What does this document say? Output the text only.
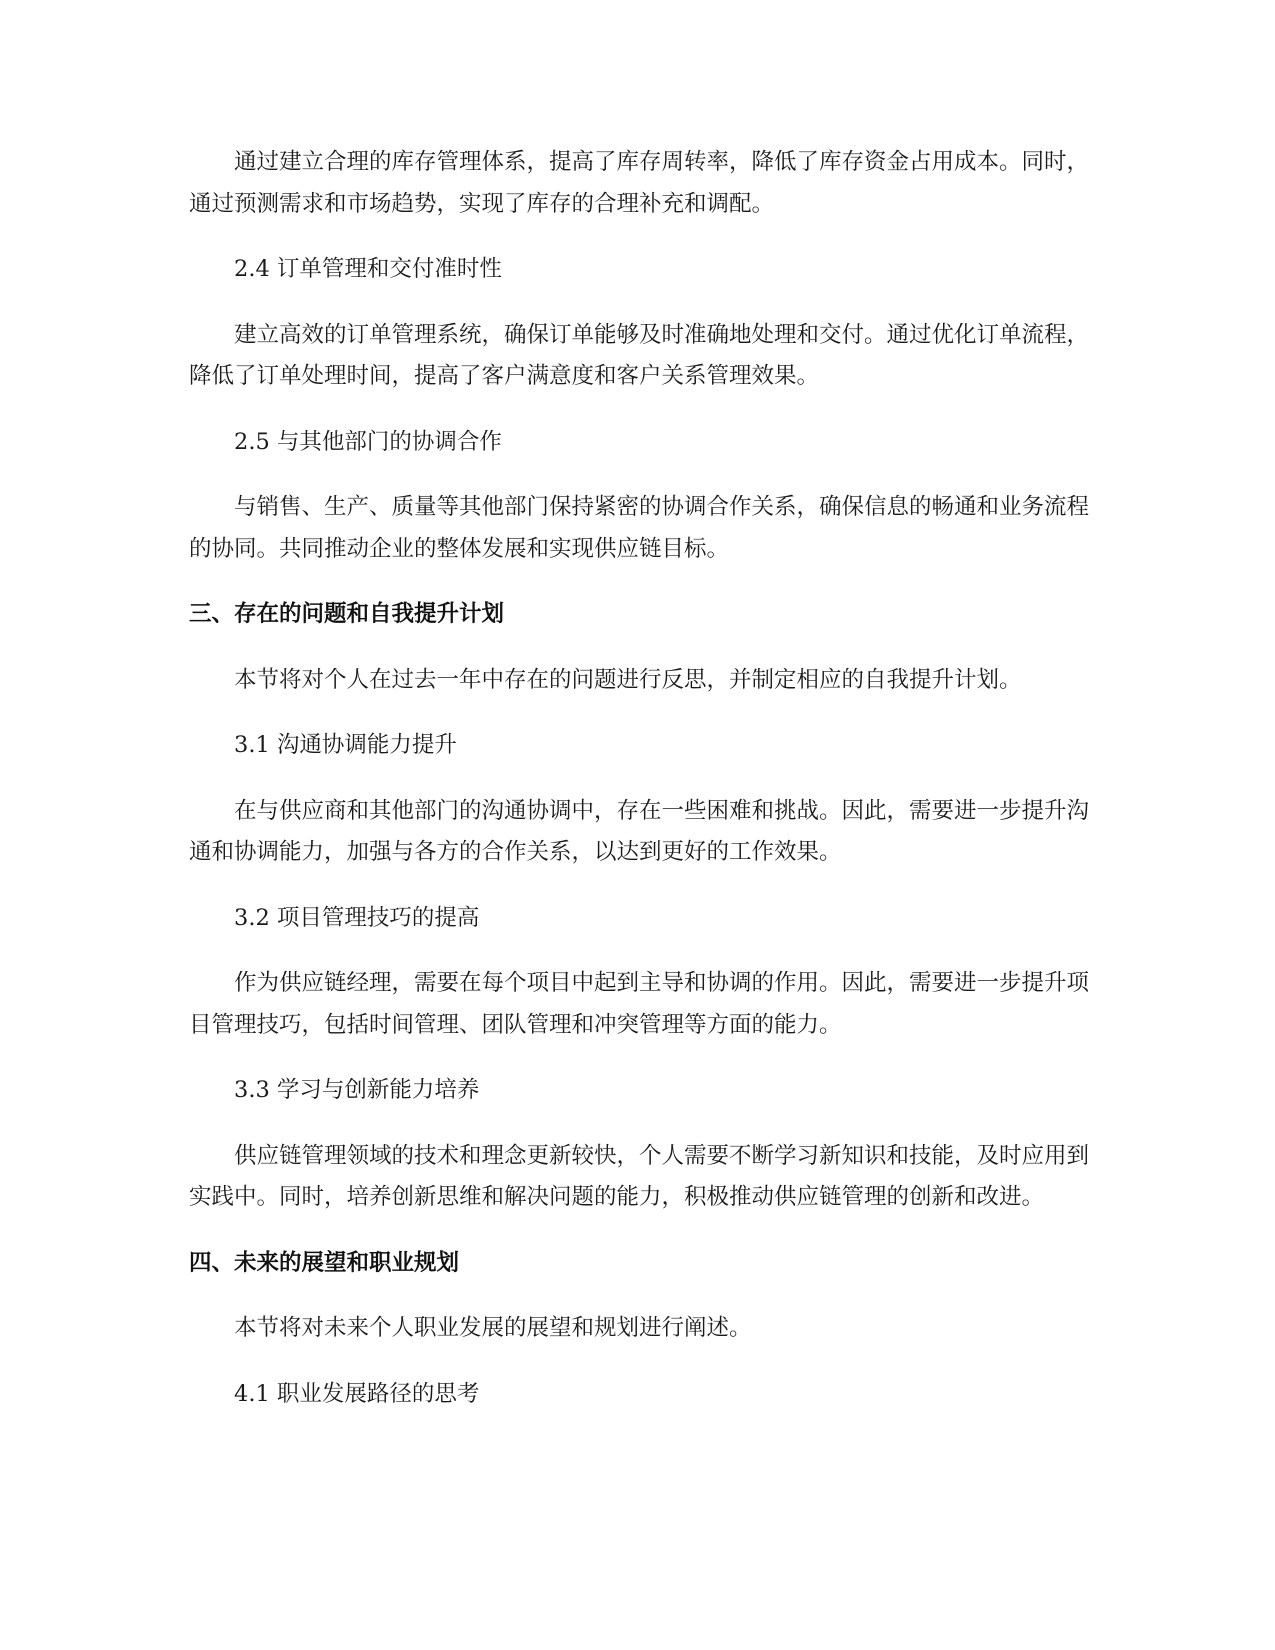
通过建立合理的库存管理体系，提高了库存周转率，降低了库存资金占用成本。同时，通过预测需求和市场趋势，实现了库存的合理补充和调配。

2.4 订单管理和交付准时性

建立高效的订单管理系统，确保订单能够及时准确地处理和交付。通过优化订单流程，降低了订单处理时间，提高了客户满意度和客户关系管理效果。

2.5 与其他部门的协调合作

与销售、生产、质量等其他部门保持紧密的协调合作关系，确保信息的畅通和业务流程的协同。共同推动企业的整体发展和实现供应链目标。

三、存在的问题和自我提升计划

本节将对个人在过去一年中存在的问题进行反思，并制定相应的自我提升计划。

3.1 沟通协调能力提升

在与供应商和其他部门的沟通协调中，存在一些困难和挑战。因此，需要进一步提升沟通和协调能力，加强与各方的合作关系，以达到更好的工作效果。

3.2 项目管理技巧的提高

作为供应链经理，需要在每个项目中起到主导和协调的作用。因此，需要进一步提升项目管理技巧，包括时间管理、团队管理和冲突管理等方面的能力。

3.3 学习与创新能力培养

供应链管理领域的技术和理念更新较快，个人需要不断学习新知识和技能，及时应用到实践中。同时，培养创新思维和解决问题的能力，积极推动供应链管理的创新和改进。

四、未来的展望和职业规划

本节将对未来个人职业发展的展望和规划进行阐述。

4.1 职业发展路径的思考
